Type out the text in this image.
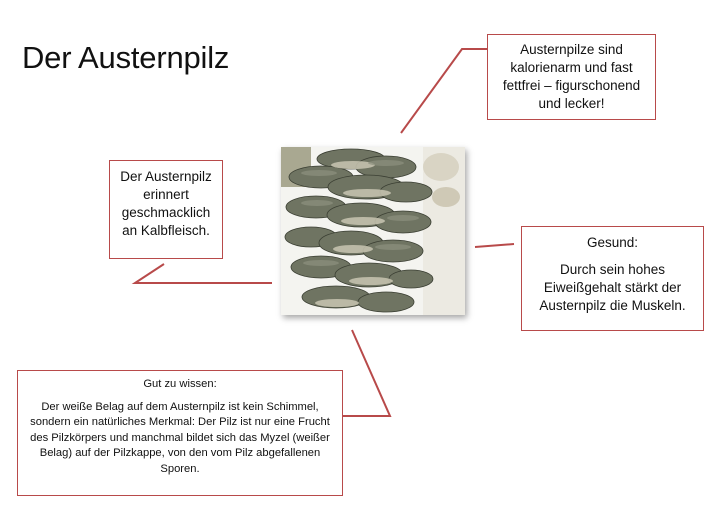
Der Austernpilz	Austernpilze sind kalorienarm und fast fettfrei – figurschonend und lecker!
Der Austernpilz erinnert geschmacklich an Kalbfleisch.
Gesund:
Durch sein hohes Eiweißgehalt stärkt der Austernpilz die Muskeln.
Gut zu wissen:
Der weiße Belag auf dem Austernpilz ist kein Schimmel, sondern ein natürliches Merkmal: Der Pilz ist nur eine Frucht des Pilzkörpers und manchmal bildet sich das Myzel (weißer Belag) auf der Pilzkappe, von den vom Pilz abgefallenen Sporen.
